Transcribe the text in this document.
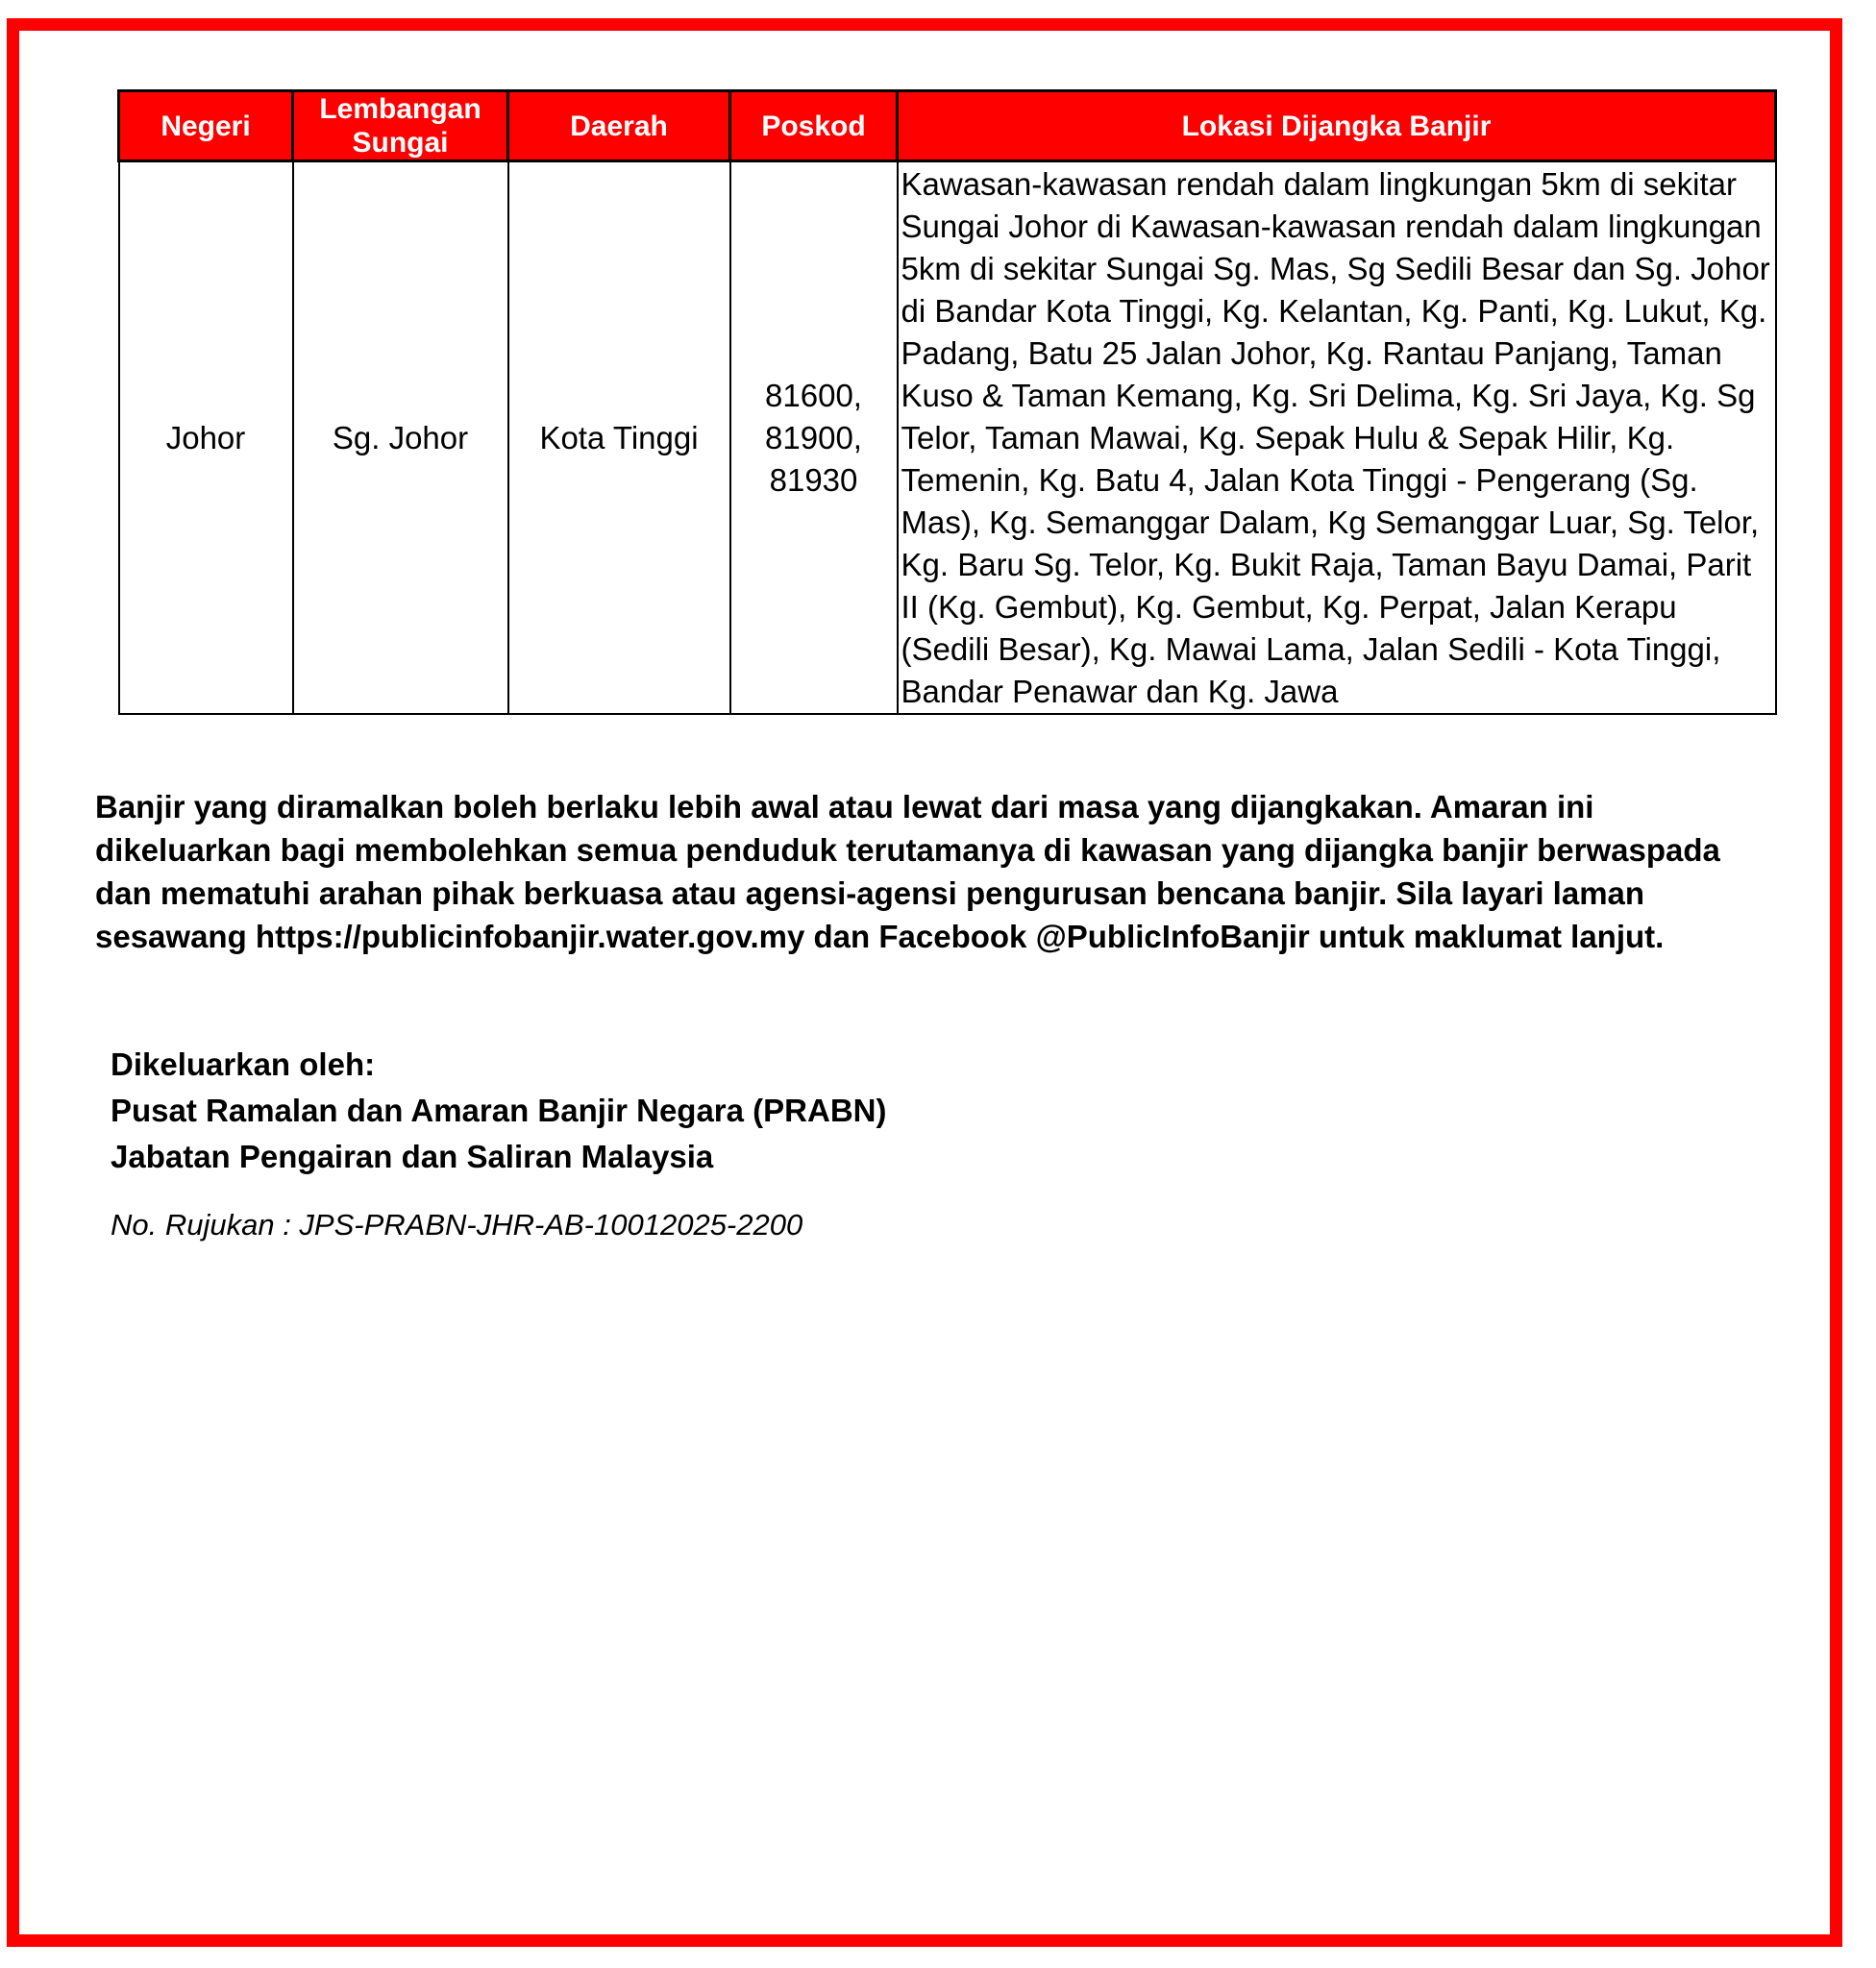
Negeri	Lembangan Sungai	Daerah	Poskod	Lokasi Dijangka Banjir
Johor	Sg. Johor	Kota Tinggi	81600, 81900, 81930	Kawasan-kawasan rendah dalam lingkungan 5km di sekitar Sungai Johor di Kawasan-kawasan rendah dalam lingkungan 5km di sekitar Sungai Sg. Mas, Sg Sedili Besar dan Sg. Johor di Bandar Kota Tinggi, Kg. Kelantan, Kg. Panti, Kg. Lukut, Kg. Padang, Batu 25 Jalan Johor, Kg. Rantau Panjang, Taman Kuso & Taman Kemang, Kg. Sri Delima, Kg. Sri Jaya, Kg. Sg Telor, Taman Mawai, Kg. Sepak Hulu & Sepak Hilir, Kg. Temenin, Kg. Batu 4, Jalan Kota Tinggi - Pengerang (Sg. Mas), Kg. Semanggar Dalam, Kg Semanggar Luar, Sg. Telor, Kg. Baru Sg. Telor, Kg. Bukit Raja, Taman Bayu Damai, Parit II (Kg. Gembut), Kg. Gembut, Kg. Perpat, Jalan Kerapu (Sedili Besar), Kg. Mawai Lama, Jalan Sedili - Kota Tinggi, Bandar Penawar dan Kg. Jawa

Banjir yang diramalkan boleh berlaku lebih awal atau lewat dari masa yang dijangkakan. Amaran ini dikeluarkan bagi membolehkan semua penduduk terutamanya di kawasan yang dijangka banjir berwaspada dan mematuhi arahan pihak berkuasa atau agensi-agensi pengurusan bencana banjir. Sila layari laman sesawang https://publicinfobanjir.water.gov.my dan Facebook @PublicInfoBanjir untuk maklumat lanjut.

Dikeluarkan oleh:
Pusat Ramalan dan Amaran Banjir Negara (PRABN)
Jabatan Pengairan dan Saliran Malaysia

No. Rujukan : JPS-PRABN-JHR-AB-10012025-2200
